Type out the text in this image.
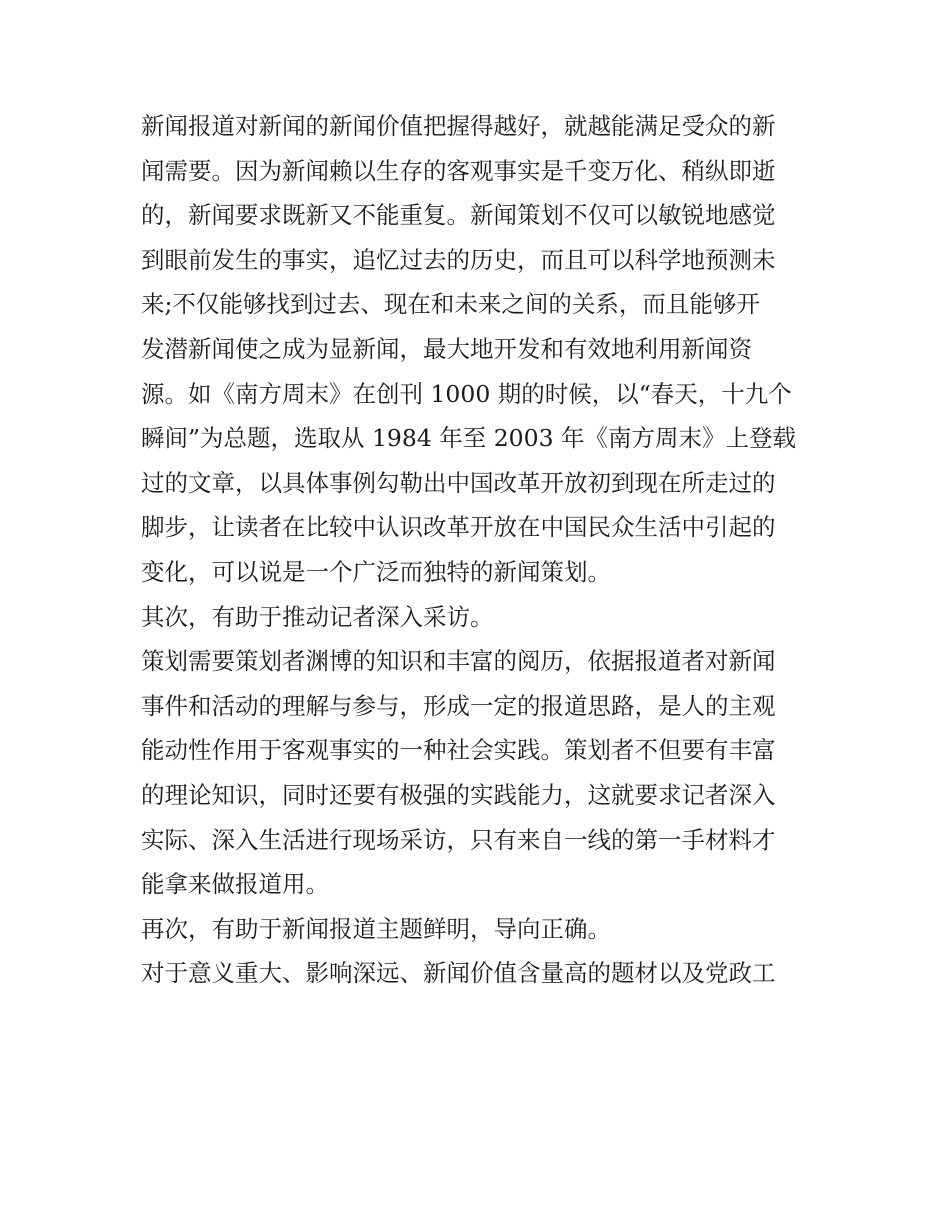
新闻报道对新闻的新闻价值把握得越好，就越能满足受众的新
闻需要。因为新闻赖以生存的客观事实是千变万化、稍纵即逝
的，新闻要求既新又不能重复。新闻策划不仅可以敏锐地感觉
到眼前发生的事实，追忆过去的历史，而且可以科学地预测未
来;不仅能够找到过去、现在和未来之间的关系，而且能够开
发潜新闻使之成为显新闻，最大地开发和有效地利用新闻资
源。如《南方周末》在创刊 1000 期的时候，以“春天，十九个
瞬间”为总题，选取从 1984 年至 2003 年《南方周末》上登载
过的文章，以具体事例勾勒出中国改革开放初到现在所走过的
脚步，让读者在比较中认识改革开放在中国民众生活中引起的
变化，可以说是一个广泛而独特的新闻策划。
其次，有助于推动记者深入采访。
策划需要策划者渊博的知识和丰富的阅历，依据报道者对新闻
事件和活动的理解与参与，形成一定的报道思路，是人的主观
能动性作用于客观事实的一种社会实践。策划者不但要有丰富
的理论知识，同时还要有极强的实践能力，这就要求记者深入
实际、深入生活进行现场采访，只有来自一线的第一手材料才
能拿来做报道用。
再次，有助于新闻报道主题鲜明，导向正确。
对于意义重大、影响深远、新闻价值含量高的题材以及党政工
